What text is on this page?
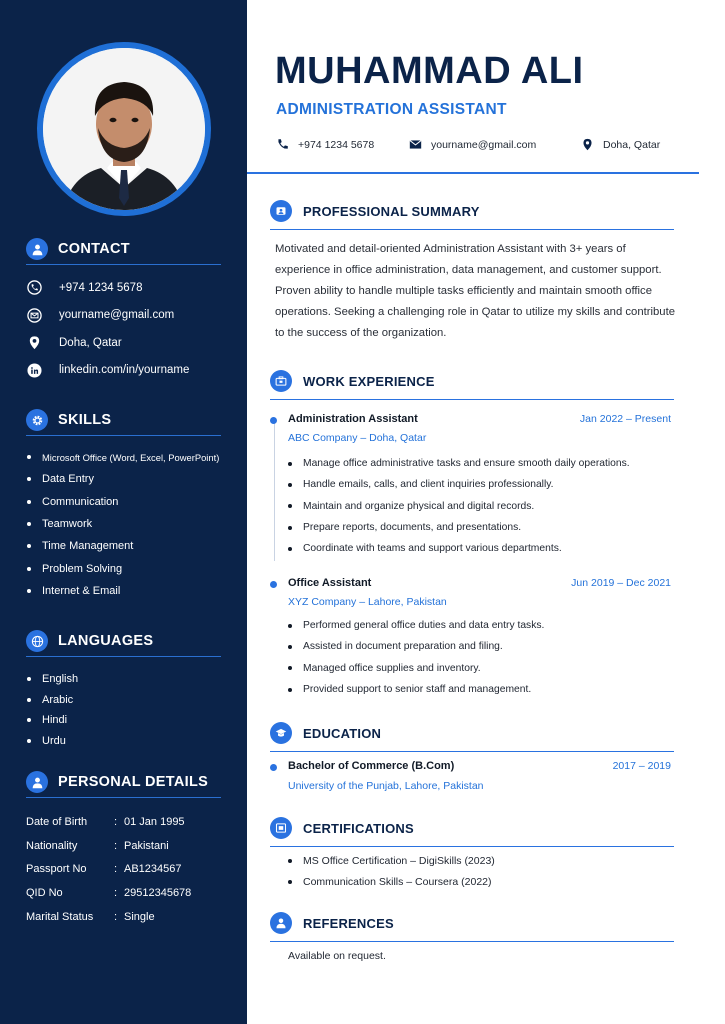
CONTACT
+974 1234 5678
yourname@gmail.com
Doha, Qatar
linkedin.com/in/yourname
SKILLS
Microsoft Office (Word, Excel, PowerPoint)
Data Entry
Communication
Teamwork
Time Management
Problem Solving
Internet & Email
LANGUAGES
English
Arabic
Hindi
Urdu
PERSONAL DETAILS
Date of Birth	: 01 Jan 1995
Nationality	: Pakistani
Passport No	: AB1234567
QID No	: 29512345678
Marital Status	: Single
MUHAMMAD ALI
ADMINISTRATION ASSISTANT
+974 1234 5678	yourname@gmail.com	Doha, Qatar
PROFESSIONAL SUMMARY
Motivated and detail-oriented Administration Assistant with 3+ years of experience in office administration, data management, and customer support. Proven ability to handle multiple tasks efficiently and maintain smooth office operations. Seeking a challenging role in Qatar to utilize my skills and contribute to the success of the organization.
WORK EXPERIENCE
Administration Assistant	Jan 2022 – Present
ABC Company – Doha, Qatar
Manage office administrative tasks and ensure smooth daily operations.
Handle emails, calls, and client inquiries professionally.
Maintain and organize physical and digital records.
Prepare reports, documents, and presentations.
Coordinate with teams and support various departments.
Office Assistant	Jun 2019 – Dec 2021
XYZ Company – Lahore, Pakistan
Performed general office duties and data entry tasks.
Assisted in document preparation and filing.
Managed office supplies and inventory.
Provided support to senior staff and management.
EDUCATION
Bachelor of Commerce (B.Com)	2017 – 2019
University of the Punjab, Lahore, Pakistan
CERTIFICATIONS
MS Office Certification – DigiSkills (2023)
Communication Skills – Coursera (2022)
REFERENCES
Available on request.
